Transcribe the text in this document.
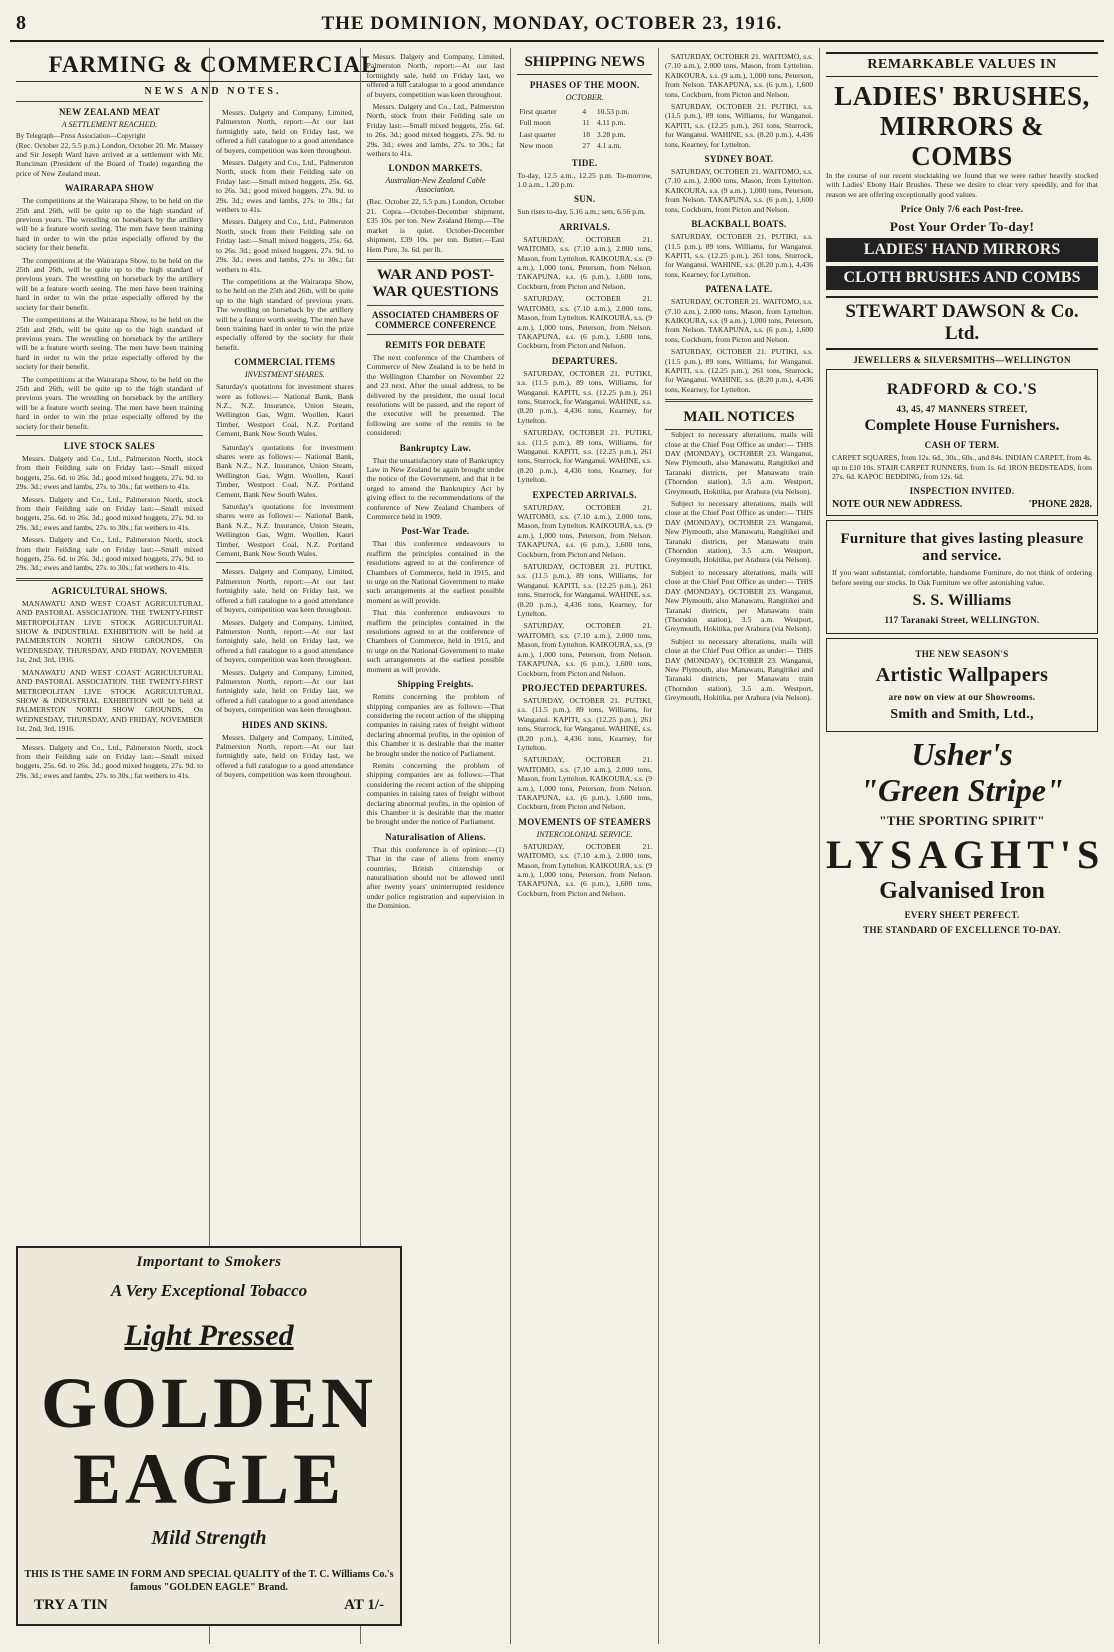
8	THE DOMINION, MONDAY, OCTOBER 23, 1916.
FARMING & COMMERCIAL
NEWS AND NOTES.
NEW ZEALAND MEAT
A SETTLEMENT REACHED.
By Telegraph—Press Association—Copyright
(Rec. October 22, 5.5 p.m.) London, October 20. Mr. Massey and Sir Joseph Ward have arrived at a settlement with Mr. Runciman (President of the Board of Trade) regarding the price of New Zealand meat.
WAIRARAPA SHOW

The competitions at the Wairarapa Show, to be held on the 25th and 26th, will be quite up to the high standard of previous years. The wrestling on horseback by the artillery will be a feature worth seeing. The men have been training hard in order to win the prize especially offered by the society for their benefit.

The competitions at the Wairarapa Show, to be held on the 25th and 26th, will be quite up to the high standard of previous years. The wrestling on horseback by the artillery will be a feature worth seeing. The men have been training hard in order to win the prize especially offered by the society for their benefit.

The competitions at the Wairarapa Show, to be held on the 25th and 26th, will be quite up to the high standard of previous years. The wrestling on horseback by the artillery will be a feature worth seeing. The men have been training hard in order to win the prize especially offered by the society for their benefit.

The competitions at the Wairarapa Show, to be held on the 25th and 26th, will be quite up to the high standard of previous years. The wrestling on horseback by the artillery will be a feature worth seeing. The men have been training hard in order to win the prize especially offered by the society for their benefit.

LIVE STOCK SALES

Messrs. Dalgety and Co., Ltd., Palmerston North, stock from their Feilding sale on Friday last:—Small mixed hoggets, 25s. 6d. to 26s. 3d.; good mixed hoggets, 27s. 9d. to 29s. 3d.; ewes and lambs, 27s. to 30s.; fat wethers to 41s.

Messrs. Dalgety and Co., Ltd., Palmerston North, stock from their Feilding sale on Friday last:—Small mixed hoggets, 25s. 6d. to 26s. 3d.; good mixed hoggets, 27s. 9d. to 29s. 3d.; ewes and lambs, 27s. to 30s.; fat wethers to 41s.

Messrs. Dalgety and Co., Ltd., Palmerston North, stock from their Feilding sale on Friday last:—Small mixed hoggets, 25s. 6d. to 26s. 3d.; good mixed hoggets, 27s. 9d. to 29s. 3d.; ewes and lambs, 27s. to 30s.; fat wethers to 41s.

AGRICULTURAL SHOWS.

MANAWATU AND WEST COAST AGRICULTURAL AND PASTORAL ASSOCIATION. THE TWENTY-FIRST METROPOLITAN LIVE STOCK AGRICULTURAL SHOW & INDUSTRIAL EXHIBITION will be held at PALMERSTON NORTH SHOW GROUNDS, On WEDNESDAY, THURSDAY, AND FRIDAY, NOVEMBER 1st, 2nd, 3rd, 1916.

MANAWATU AND WEST COAST AGRICULTURAL AND PASTORAL ASSOCIATION. THE TWENTY-FIRST METROPOLITAN LIVE STOCK AGRICULTURAL SHOW & INDUSTRIAL EXHIBITION will be held at PALMERSTON NORTH SHOW GROUNDS, On WEDNESDAY, THURSDAY, AND FRIDAY, NOVEMBER 1st, 2nd, 3rd, 1916.

Messrs. Dalgety and Co., Ltd., Palmerston North, stock from their Feilding sale on Friday last:—Small mixed hoggets, 25s. 6d. to 26s. 3d.; good mixed hoggets, 27s. 9d. to 29s. 3d.; ewes and lambs, 27s. to 30s.; fat wethers to 41s.

Messrs. Dalgety and Company, Limited, Palmerston North, report:—At our last fortnightly sale, held on Friday last, we offered a full catalogue to a good attendance of buyers, competition was keen throughout.

Messrs. Dalgety and Co., Ltd., Palmerston North, stock from their Feilding sale on Friday last:—Small mixed hoggets, 25s. 6d. to 26s. 3d.; good mixed hoggets, 27s. 9d. to 29s. 3d.; ewes and lambs, 27s. to 30s.; fat wethers to 41s.

Messrs. Dalgety and Co., Ltd., Palmerston North, stock from their Feilding sale on Friday last:—Small mixed hoggets, 25s. 6d. to 26s. 3d.; good mixed hoggets, 27s. 9d. to 29s. 3d.; ewes and lambs, 27s. to 30s.; fat wethers to 41s.

The competitions at the Wairarapa Show, to be held on the 25th and 26th, will be quite up to the high standard of previous years. The wrestling on horseback by the artillery will be a feature worth seeing. The men have been training hard in order to win the prize especially offered by the society for their benefit.

COMMERCIAL ITEMS
INVESTMENT SHARES.
Saturday's quotations for investment shares were as follows:— National Bank, Bank N.Z., N.Z. Insurance, Union Steam, Wellington Gas, Wgtn. Woollen, Kauri Timber, Westport Coal, N.Z. Portland Cement, Bank New South Wales.

Saturday's quotations for investment shares were as follows:— National Bank, Bank N.Z., N.Z. Insurance, Union Steam, Wellington Gas, Wgtn. Woollen, Kauri Timber, Westport Coal, N.Z. Portland Cement, Bank New South Wales.

Saturday's quotations for investment shares were as follows:— National Bank, Bank N.Z., N.Z. Insurance, Union Steam, Wellington Gas, Wgtn. Woollen, Kauri Timber, Westport Coal, N.Z. Portland Cement, Bank New South Wales.

Messrs. Dalgety and Company, Limited, Palmerston North, report:—At our last fortnightly sale, held on Friday last, we offered a full catalogue to a good attendance of buyers, competition was keen throughout.

Messrs. Dalgety and Company, Limited, Palmerston North, report:—At our last fortnightly sale, held on Friday last, we offered a full catalogue to a good attendance of buyers, competition was keen throughout.

Messrs. Dalgety and Company, Limited, Palmerston North, report:—At our last fortnightly sale, held on Friday last, we offered a full catalogue to a good attendance of buyers, competition was keen throughout.

HIDES AND SKINS.

Messrs. Dalgety and Company, Limited, Palmerston North, report:—At our last fortnightly sale, held on Friday last, we offered a full catalogue to a good attendance of buyers, competition was keen throughout.

Messrs. Dalgety and Company, Limited, Palmerston North, report:—At our last fortnightly sale, held on Friday last, we offered a full catalogue to a good attendance of buyers, competition was keen throughout.

Messrs. Dalgety and Co., Ltd., Palmerston North, stock from their Feilding sale on Friday last:—Small mixed hoggets, 25s. 6d. to 26s. 3d.; good mixed hoggets, 27s. 9d. to 29s. 3d.; ewes and lambs, 27s. to 30s.; fat wethers to 41s.

LONDON MARKETS.
Australian-New Zealand Cable Association.
(Rec. October 22, 5.5 p.m.) London, October 21. Copra.—October-December shipment, £35 10s. per ton. New Zealand Hemp.—The market is quiet. October-December shipment, £39 10s. per ton. Butter.—East Hem Pure, 3s. 6d. per lb.
WAR AND POST-WAR QUESTIONS
ASSOCIATED CHAMBERS OF COMMERCE CONFERENCE
REMITS FOR DEBATE

The next conference of the Chambers of Commerce of New Zealand is to be held in the Wellington Chamber on November 22 and 23 next. After the usual address, to be delivered by the president, the usual local resolutions will be passed, and the report of the executive will be presented. The following are some of the remits to be considered:

Bankruptcy Law.

That the unsatisfactory state of Bankruptcy Law in New Zealand be again brought under the notice of the Government, and that it be urged to amend the Bankruptcy Act by giving effect to the recommendations of the conference of New Zealand Chambers of Commerce held in 1909.

Post-War Trade.

That this conference endeavours to reaffirm the principles contained in the resolutions agreed to at the conference of Chambers of Commerce, held in 1915, and to urge on the National Government to make such arrangements at the earliest possible moment as will provide.

That this conference endeavours to reaffirm the principles contained in the resolutions agreed to at the conference of Chambers of Commerce, held in 1915, and to urge on the National Government to make such arrangements at the earliest possible moment as will provide.

Shipping Freights.

Remits concerning the problem of shipping companies are as follows:—That considering the recent action of the shipping companies in raising rates of freight without declaring abnormal profits, in the opinion of this Chamber it is desirable that the matter be brought under the notice of Parliament.

Remits concerning the problem of shipping companies are as follows:—That considering the recent action of the shipping companies in raising rates of freight without declaring abnormal profits, in the opinion of this Chamber it is desirable that the matter be brought under the notice of Parliament.

Naturalisation of Aliens.

That this conference is of opinion:—(1) That in the case of aliens from enemy countries, British citizenship or naturalisation should not be allowed until after twenty years' uninterrupted residence under police registration and supervision in the Dominion.

SHIPPING NEWS
PHASES OF THE MOON.
OCTOBER.
First quarter	4	10.53 p.m.
Full moon	11	4.11 p.m.
Last quarter	18	3.28 p.m.
New moon	27	4.1 a.m.
TIDE.
To-day, 12.5 a.m., 12.25 p.m. To-morrow, 1.0 a.m., 1.20 p.m.
SUN.
Sun rises to-day, 5.16 a.m.; sets, 6.56 p.m.
ARRIVALS.

SATURDAY, OCTOBER 21. WAITOMO, s.s. (7.10 a.m.), 2.000 tons, Mason, from Lyttelton. KAIKOURA, s.s. (9 a.m.), 1,000 tons, Peterson, from Nelson. TAKAPUNA, s.s. (6 p.m.), 1,600 tons, Cockburn, from Picton and Nelson.

SATURDAY, OCTOBER 21. WAITOMO, s.s. (7.10 a.m.), 2.000 tons, Mason, from Lyttelton. KAIKOURA, s.s. (9 a.m.), 1,000 tons, Peterson, from Nelson. TAKAPUNA, s.s. (6 p.m.), 1,600 tons, Cockburn, from Picton and Nelson.

DEPARTURES.

SATURDAY, OCTOBER 21. PUTIKI, s.s. (11.5 p.m.), 89 tons, Williams, for Wanganui. KAPITI, s.s. (12.25 p.m.), 261 tons, Sturrock, for Wanganui. WAHINE, s.s. (8.20 p.m.), 4,436 tons, Kearney, for Lyttelton.

SATURDAY, OCTOBER 21. PUTIKI, s.s. (11.5 p.m.), 89 tons, Williams, for Wanganui. KAPITI, s.s. (12.25 p.m.), 261 tons, Sturrock, for Wanganui. WAHINE, s.s. (8.20 p.m.), 4,436 tons, Kearney, for Lyttelton.

EXPECTED ARRIVALS.

SATURDAY, OCTOBER 21. WAITOMO, s.s. (7.10 a.m.), 2.000 tons, Mason, from Lyttelton. KAIKOURA, s.s. (9 a.m.), 1,000 tons, Peterson, from Nelson. TAKAPUNA, s.s. (6 p.m.), 1,600 tons, Cockburn, from Picton and Nelson.

SATURDAY, OCTOBER 21. PUTIKI, s.s. (11.5 p.m.), 89 tons, Williams, for Wanganui. KAPITI, s.s. (12.25 p.m.), 261 tons, Sturrock, for Wanganui. WAHINE, s.s. (8.20 p.m.), 4,436 tons, Kearney, for Lyttelton.

SATURDAY, OCTOBER 21. WAITOMO, s.s. (7.10 a.m.), 2.000 tons, Mason, from Lyttelton. KAIKOURA, s.s. (9 a.m.), 1,000 tons, Peterson, from Nelson. TAKAPUNA, s.s. (6 p.m.), 1,600 tons, Cockburn, from Picton and Nelson.

PROJECTED DEPARTURES.

SATURDAY, OCTOBER 21. PUTIKI, s.s. (11.5 p.m.), 89 tons, Williams, for Wanganui. KAPITI, s.s. (12.25 p.m.), 261 tons, Sturrock, for Wanganui. WAHINE, s.s. (8.20 p.m.), 4,436 tons, Kearney, for Lyttelton.

SATURDAY, OCTOBER 21. WAITOMO, s.s. (7.10 a.m.), 2.000 tons, Mason, from Lyttelton. KAIKOURA, s.s. (9 a.m.), 1,000 tons, Peterson, from Nelson. TAKAPUNA, s.s. (6 p.m.), 1,600 tons, Cockburn, from Picton and Nelson.

MOVEMENTS OF STEAMERS
INTERCOLONIAL SERVICE.

SATURDAY, OCTOBER 21. WAITOMO, s.s. (7.10 a.m.), 2.000 tons, Mason, from Lyttelton. KAIKOURA, s.s. (9 a.m.), 1,000 tons, Peterson, from Nelson. TAKAPUNA, s.s. (6 p.m.), 1,600 tons, Cockburn, from Picton and Nelson.

SATURDAY, OCTOBER 21. WAITOMO, s.s. (7.10 a.m.), 2.000 tons, Mason, from Lyttelton. KAIKOURA, s.s. (9 a.m.), 1,000 tons, Peterson, from Nelson. TAKAPUNA, s.s. (6 p.m.), 1,600 tons, Cockburn, from Picton and Nelson.

SATURDAY, OCTOBER 21. PUTIKI, s.s. (11.5 p.m.), 89 tons, Williams, for Wanganui. KAPITI, s.s. (12.25 p.m.), 261 tons, Sturrock, for Wanganui. WAHINE, s.s. (8.20 p.m.), 4,436 tons, Kearney, for Lyttelton.

SYDNEY BOAT.

SATURDAY, OCTOBER 21. WAITOMO, s.s. (7.10 a.m.), 2.000 tons, Mason, from Lyttelton. KAIKOURA, s.s. (9 a.m.), 1,000 tons, Peterson, from Nelson. TAKAPUNA, s.s. (6 p.m.), 1,600 tons, Cockburn, from Picton and Nelson.

BLACKBALL BOATS.

SATURDAY, OCTOBER 21. PUTIKI, s.s. (11.5 p.m.), 89 tons, Williams, for Wanganui. KAPITI, s.s. (12.25 p.m.), 261 tons, Sturrock, for Wanganui. WAHINE, s.s. (8.20 p.m.), 4,436 tons, Kearney, for Lyttelton.

PATENA LATE.

SATURDAY, OCTOBER 21. WAITOMO, s.s. (7.10 a.m.), 2.000 tons, Mason, from Lyttelton. KAIKOURA, s.s. (9 a.m.), 1,000 tons, Peterson, from Nelson. TAKAPUNA, s.s. (6 p.m.), 1,600 tons, Cockburn, from Picton and Nelson.

SATURDAY, OCTOBER 21. PUTIKI, s.s. (11.5 p.m.), 89 tons, Williams, for Wanganui. KAPITI, s.s. (12.25 p.m.), 261 tons, Sturrock, for Wanganui. WAHINE, s.s. (8.20 p.m.), 4,436 tons, Kearney, for Lyttelton.

MAIL NOTICES

Subject to necessary alterations, mails will close at the Chief Post Office as under:— THIS DAY (MONDAY), OCTOBER 23. Wanganui, New Plymouth, also Manawatu, Rangitikei and Taranaki districts, per Manawatu train (Thorndon station), 3.5 a.m. Westport, Greymouth, Hokitika, per Arahura (via Nelson).

Subject to necessary alterations, mails will close at the Chief Post Office as under:— THIS DAY (MONDAY), OCTOBER 23. Wanganui, New Plymouth, also Manawatu, Rangitikei and Taranaki districts, per Manawatu train (Thorndon station), 3.5 a.m. Westport, Greymouth, Hokitika, per Arahura (via Nelson).

Subject to necessary alterations, mails will close at the Chief Post Office as under:— THIS DAY (MONDAY), OCTOBER 23. Wanganui, New Plymouth, also Manawatu, Rangitikei and Taranaki districts, per Manawatu train (Thorndon station), 3.5 a.m. Westport, Greymouth, Hokitika, per Arahura (via Nelson).

Subject to necessary alterations, mails will close at the Chief Post Office as under:— THIS DAY (MONDAY), OCTOBER 23. Wanganui, New Plymouth, also Manawatu, Rangitikei and Taranaki districts, per Manawatu train (Thorndon station), 3.5 a.m. Westport, Greymouth, Hokitika, per Arahura (via Nelson).

REMARKABLE VALUES IN
LADIES' BRUSHES, MIRRORS & COMBS
In the course of our recent stocktaking we found that we were rather heavily stocked with Ladies' Ebony Hair Brushes. These we desire to clear very speedily, and for that reason we are offering exceptionally good values.
Price Only 7/6 each Post-free.
Post Your Order To-day!
LADIES' HAND MIRRORS
CLOTH BRUSHES AND COMBS
STEWART DAWSON & Co. Ltd.
JEWELLERS & SILVERSMITHS—WELLINGTON
RADFORD & CO.'S
43, 45, 47 MANNERS STREET,
Complete House Furnishers.
CASH OF TERM.
CARPET SQUARES, from 12s. 6d., 30s., 60s., and 84s. INDIAN CARPET, from 4s. up to £10 10s. STAIR CARPET RUNNERS, from 1s. 6d. IRON BEDSTEADS, from 27s. 6d. KAPOC BEDDING, from 12s. 6d.
INSPECTION INVITED.
NOTE OUR NEW ADDRESS.	'PHONE 2828.
Furniture that gives lasting pleasure and service.
If you want substantial, comfortable, handsome Furniture, do not think of ordering before seeing our stocks. In Oak Furniture we offer astonishing value.
S. S. Williams
117 Taranaki Street, WELLINGTON.
THE NEW SEASON'S
Artistic Wallpapers
are now on view at our Showrooms.
Smith and Smith, Ltd.,
Usher's
"Green Stripe"
"THE SPORTING SPIRIT"
LYSAGHT'S
Galvanised Iron
EVERY SHEET PERFECT.
THE STANDARD OF EXCELLENCE TO-DAY.
Important to Smokers
A Very Exceptional Tobacco
Light Pressed
GOLDEN EAGLE
Mild Strength
THIS IS THE SAME IN FORM AND SPECIAL QUALITY of the T. C. Williams Co.'s famous "GOLDEN EAGLE" Brand.
TRY A TIN	AT 1/-
